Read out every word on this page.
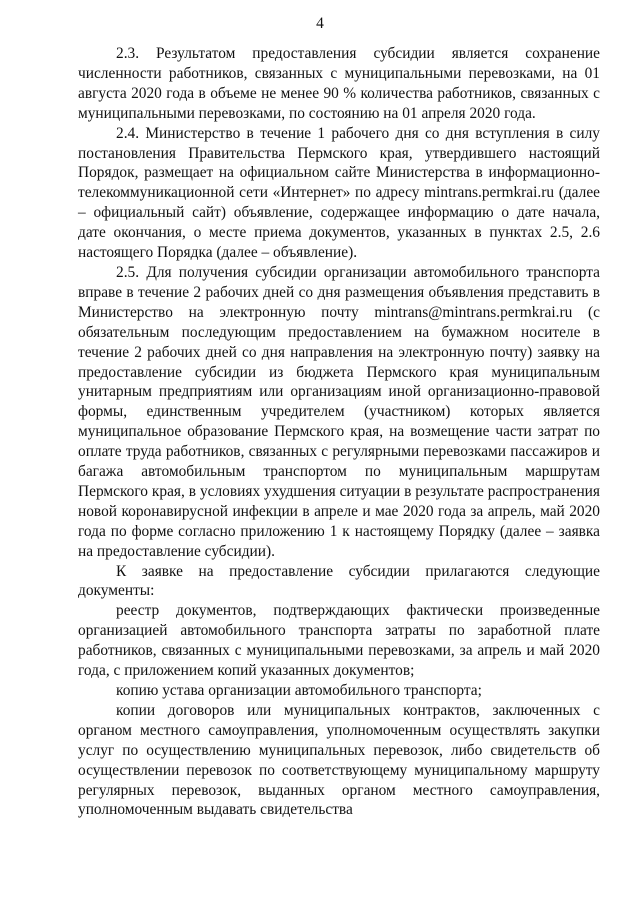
4

2.3. Результатом предоставления субсидии является сохранение численности работников, связанных с муниципальными перевозками, на 01 августа 2020 года в объеме не менее 90 % количества работников, связанных с муниципальными перевозками, по состоянию на 01 апреля 2020 года.

2.4. Министерство в течение 1 рабочего дня со дня вступления в силу постановления Правительства Пермского края, утвердившего настоящий Порядок, размещает на официальном сайте Министерства в информационно-телекоммуникационной сети «Интернет» по адресу mintrans.permkrai.ru (далее – официальный сайт) объявление, содержащее информацию о дате начала, дате окончания, о месте приема документов, указанных в пунктах 2.5, 2.6 настоящего Порядка (далее – объявление).

2.5. Для получения субсидии организации автомобильного транспорта вправе в течение 2 рабочих дней со дня размещения объявления представить в Министерство на электронную почту mintrans@mintrans.permkrai.ru (с обязательным последующим предоставлением на бумажном носителе в течение 2 рабочих дней со дня направления на электронную почту) заявку на предоставление субсидии из бюджета Пермского края муниципальным унитарным предприятиям или организациям иной организационно-правовой формы, единственным учредителем (участником) которых является муниципальное образование Пермского края, на возмещение части затрат по оплате труда работников, связанных с регулярными перевозками пассажиров и багажа автомобильным транспортом по муниципальным маршрутам Пермского края, в условиях ухудшения ситуации в результате распространения новой коронавирусной инфекции в апреле и мае 2020 года за апрель, май 2020 года по форме согласно приложению 1 к настоящему Порядку (далее – заявка на предоставление субсидии).

К заявке на предоставление субсидии прилагаются следующие документы:

реестр документов, подтверждающих фактически произведенные организацией автомобильного транспорта затраты по заработной плате работников, связанных с муниципальными перевозками, за апрель и май 2020 года, с приложением копий указанных документов;

копию устава организации автомобильного транспорта;

копии договоров или муниципальных контрактов, заключенных с органом местного самоуправления, уполномоченным осуществлять закупки услуг по осуществлению муниципальных перевозок, либо свидетельств об осуществлении перевозок по соответствующему муниципальному маршруту регулярных перевозок, выданных органом местного самоуправления, уполномоченным выдавать свидетельства
